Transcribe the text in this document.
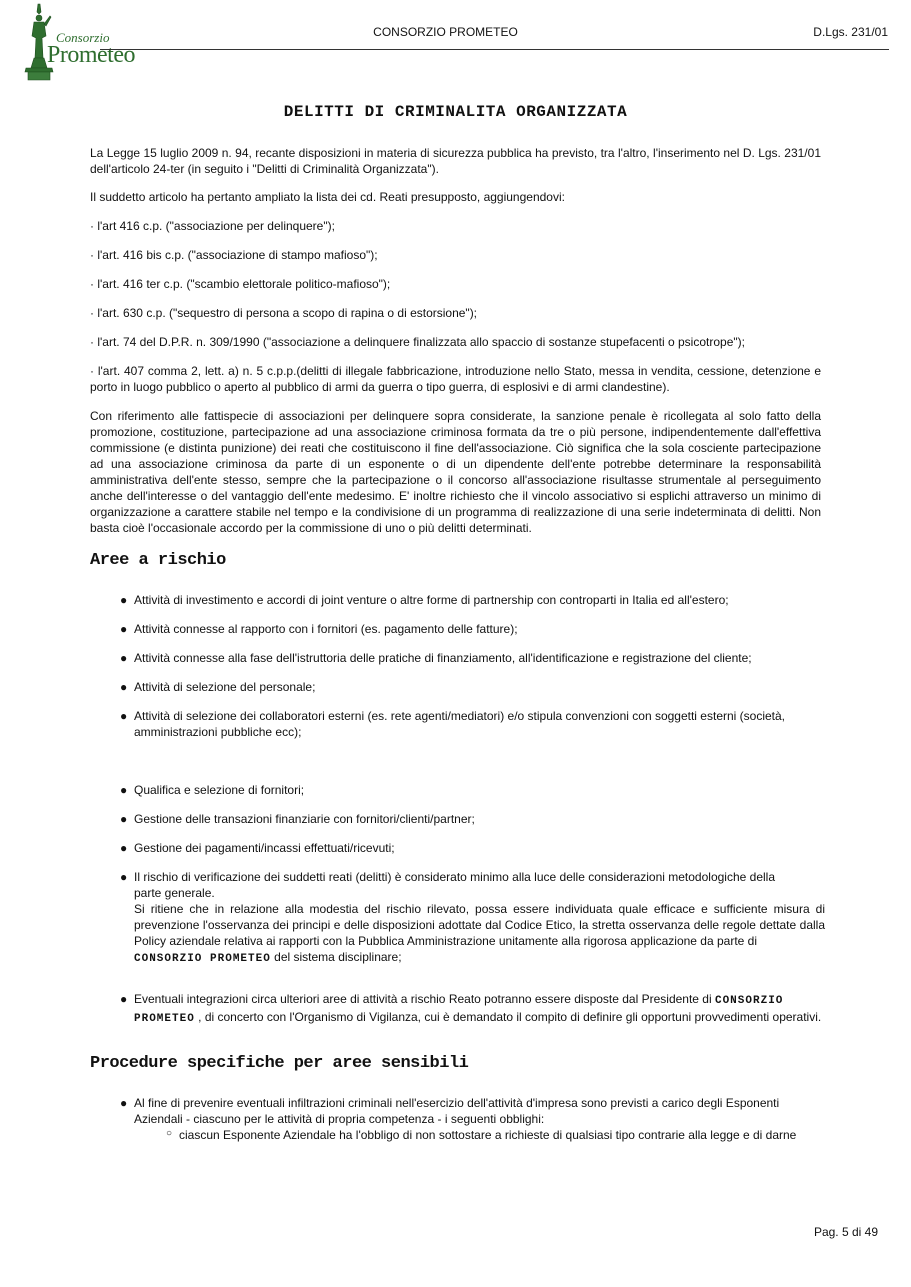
Consorzio
Prometeo
CONSORZIO PROMETEO	D.Lgs. 231/01
DELITTI DI CRIMINALITA ORGANIZZATA
La Legge 15 luglio 2009 n. 94, recante disposizioni in materia di sicurezza pubblica ha previsto, tra l'altro, l'inserimento nel D. Lgs. 231/01 dell'articolo 24-ter (in seguito i "Delitti di Criminalità Organizzata").
Il suddetto articolo ha pertanto ampliato la lista dei cd. Reati presupposto, aggiungendovi:
· l'art 416 c.p. ("associazione per delinquere");
· l'art. 416 bis c.p. ("associazione di stampo mafioso");
· l'art. 416 ter c.p. ("scambio elettorale politico-mafioso");
· l'art. 630 c.p. ("sequestro di persona a scopo di rapina o di estorsione");
· l'art. 74 del D.P.R. n. 309/1990 ("associazione a delinquere finalizzata allo spaccio di sostanze stupefacenti o psicotrope");
· l'art. 407 comma 2, lett. a) n. 5 c.p.p.(delitti di illegale fabbricazione, introduzione nello Stato, messa in vendita, cessione, detenzione e porto in luogo pubblico o aperto al pubblico di armi da guerra o tipo guerra, di esplosivi e di armi clandestine).
Con riferimento alle fattispecie di associazioni per delinquere sopra considerate, la sanzione penale è ricollegata al solo fatto della promozione, costituzione, partecipazione ad una associazione criminosa formata da tre o più persone, indipendentemente dall'effettiva commissione (e distinta punizione) dei reati che costituiscono il fine dell'associazione. Ciò significa che la sola cosciente partecipazione ad una associazione criminosa da parte di un esponente o di un dipendente dell'ente potrebbe determinare la responsabilità amministrativa dell'ente stesso, sempre che la partecipazione o il concorso all'associazione risultasse strumentale al perseguimento anche dell'interesse o del vantaggio dell'ente medesimo. E' inoltre richiesto che il vincolo associativo si esplichi attraverso un minimo di organizzazione a carattere stabile nel tempo e la condivisione di un programma di realizzazione di una serie indeterminata di delitti. Non basta cioè l'occasionale accordo per la commissione di uno o più delitti determinati.
Aree a rischio
● Attività di investimento e accordi di joint venture o altre forme di partnership con controparti in Italia ed all'estero;
● Attività connesse al rapporto con i fornitori (es. pagamento delle fatture);
● Attività connesse alla fase dell'istruttoria delle pratiche di finanziamento, all'identificazione e registrazione del cliente;
● Attività di selezione del personale;
● Attività di selezione dei collaboratori esterni (es. rete agenti/mediatori) e/o stipula convenzioni con soggetti esterni (società, amministrazioni pubbliche ecc);
● Qualifica e selezione di fornitori;
● Gestione delle transazioni finanziarie con fornitori/clienti/partner;
● Gestione dei pagamenti/incassi effettuati/ricevuti;
● Il rischio di verificazione dei suddetti reati (delitti) è considerato minimo alla luce delle considerazioni metodologiche della
parte generale.
Si ritiene che in relazione alla modestia del rischio rilevato, possa essere individuata quale efficace e sufficiente misura di prevenzione l'osservanza dei principi e delle disposizioni adottate dal Codice Etico, la stretta osservanza delle regole dettate dalla Policy aziendale relativa ai rapporti con la Pubblica Amministrazione unitamente alla rigorosa applicazione da parte di
CONSORZIO PROMETEO del sistema disciplinare;
● Eventuali integrazioni circa ulteriori aree di attività a rischio Reato potranno essere disposte dal Presidente di CONSORZIO PROMETEO , di concerto con l'Organismo di Vigilanza, cui è demandato il compito di definire gli opportuni provvedimenti operativi.
Procedure specifiche per aree sensibili
● Al fine di prevenire eventuali infiltrazioni criminali nell'esercizio dell'attività d'impresa sono previsti a carico degli Esponenti Aziendali - ciascuno per le attività di propria competenza - i seguenti obblighi:
○ ciascun Esponente Aziendale ha l'obbligo di non sottostare a richieste di qualsiasi tipo contrarie alla legge e di darne
Pag. 5 di 49
